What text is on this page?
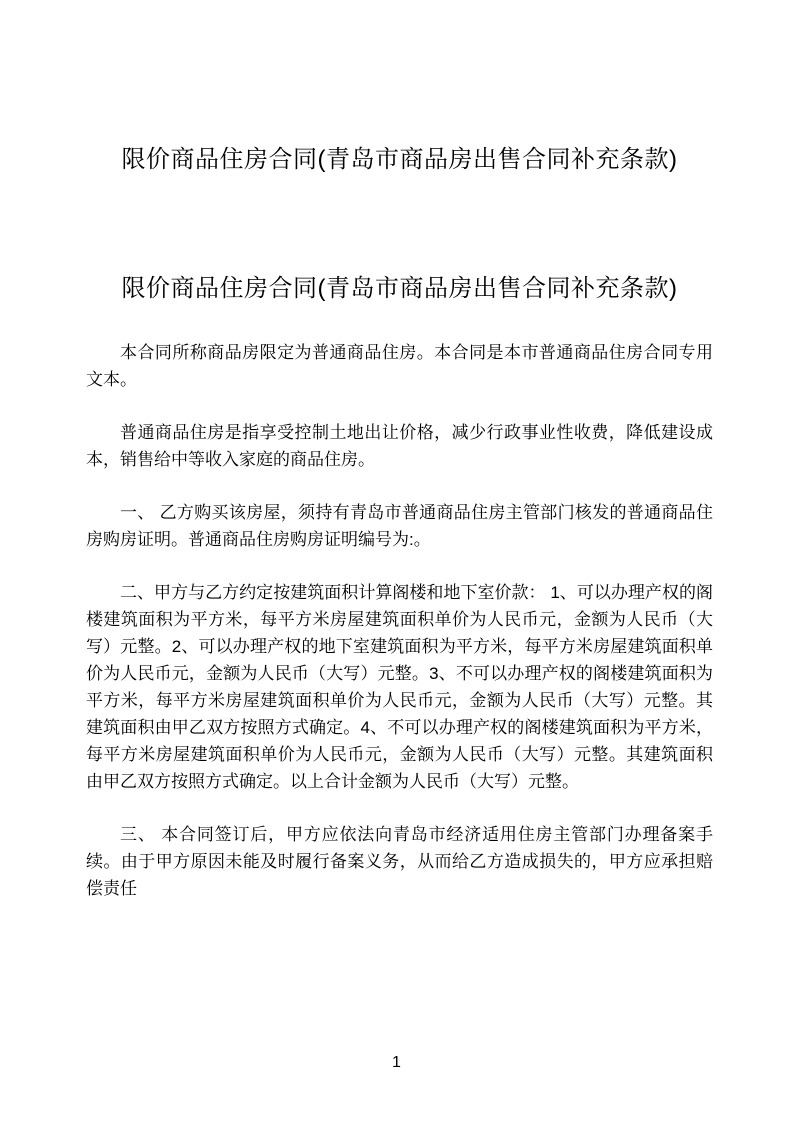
限价商品住房合同(青岛市商品房出售合同补充条款)
限价商品住房合同(青岛市商品房出售合同补充条款)

本合同所称商品房限定为普通商品住房。本合同是本市普通商品住房合同专用文本。

普通商品住房是指享受控制土地出让价格，减少行政事业性收费，降低建设成本，销售给中等收入家庭的商品住房。

一、 乙方购买该房屋，须持有青岛市普通商品住房主管部门核发的普通商品住房购房证明。普通商品住房购房证明编号为:。

二、甲方与乙方约定按建筑面积计算阁楼和地下室价款： 1、可以办理产权的阁楼建筑面积为平方米，每平方米房屋建筑面积单价为人民币元，金额为人民币（大写）元整。2、可以办理产权的地下室建筑面积为平方米，每平方米房屋建筑面积单价为人民币元，金额为人民币（大写）元整。3、不可以办理产权的阁楼建筑面积为平方米，每平方米房屋建筑面积单价为人民币元，金额为人民币（大写）元整。其建筑面积由甲乙双方按照方式确定。4、不可以办理产权的阁楼建筑面积为平方米，每平方米房屋建筑面积单价为人民币元，金额为人民币（大写）元整。其建筑面积由甲乙双方按照方式确定。以上合计金额为人民币（大写）元整。

三、 本合同签订后，甲方应依法向青岛市经济适用住房主管部门办理备案手续。由于甲方原因未能及时履行备案义务，从而给乙方造成损失的，甲方应承担赔偿责任

1
